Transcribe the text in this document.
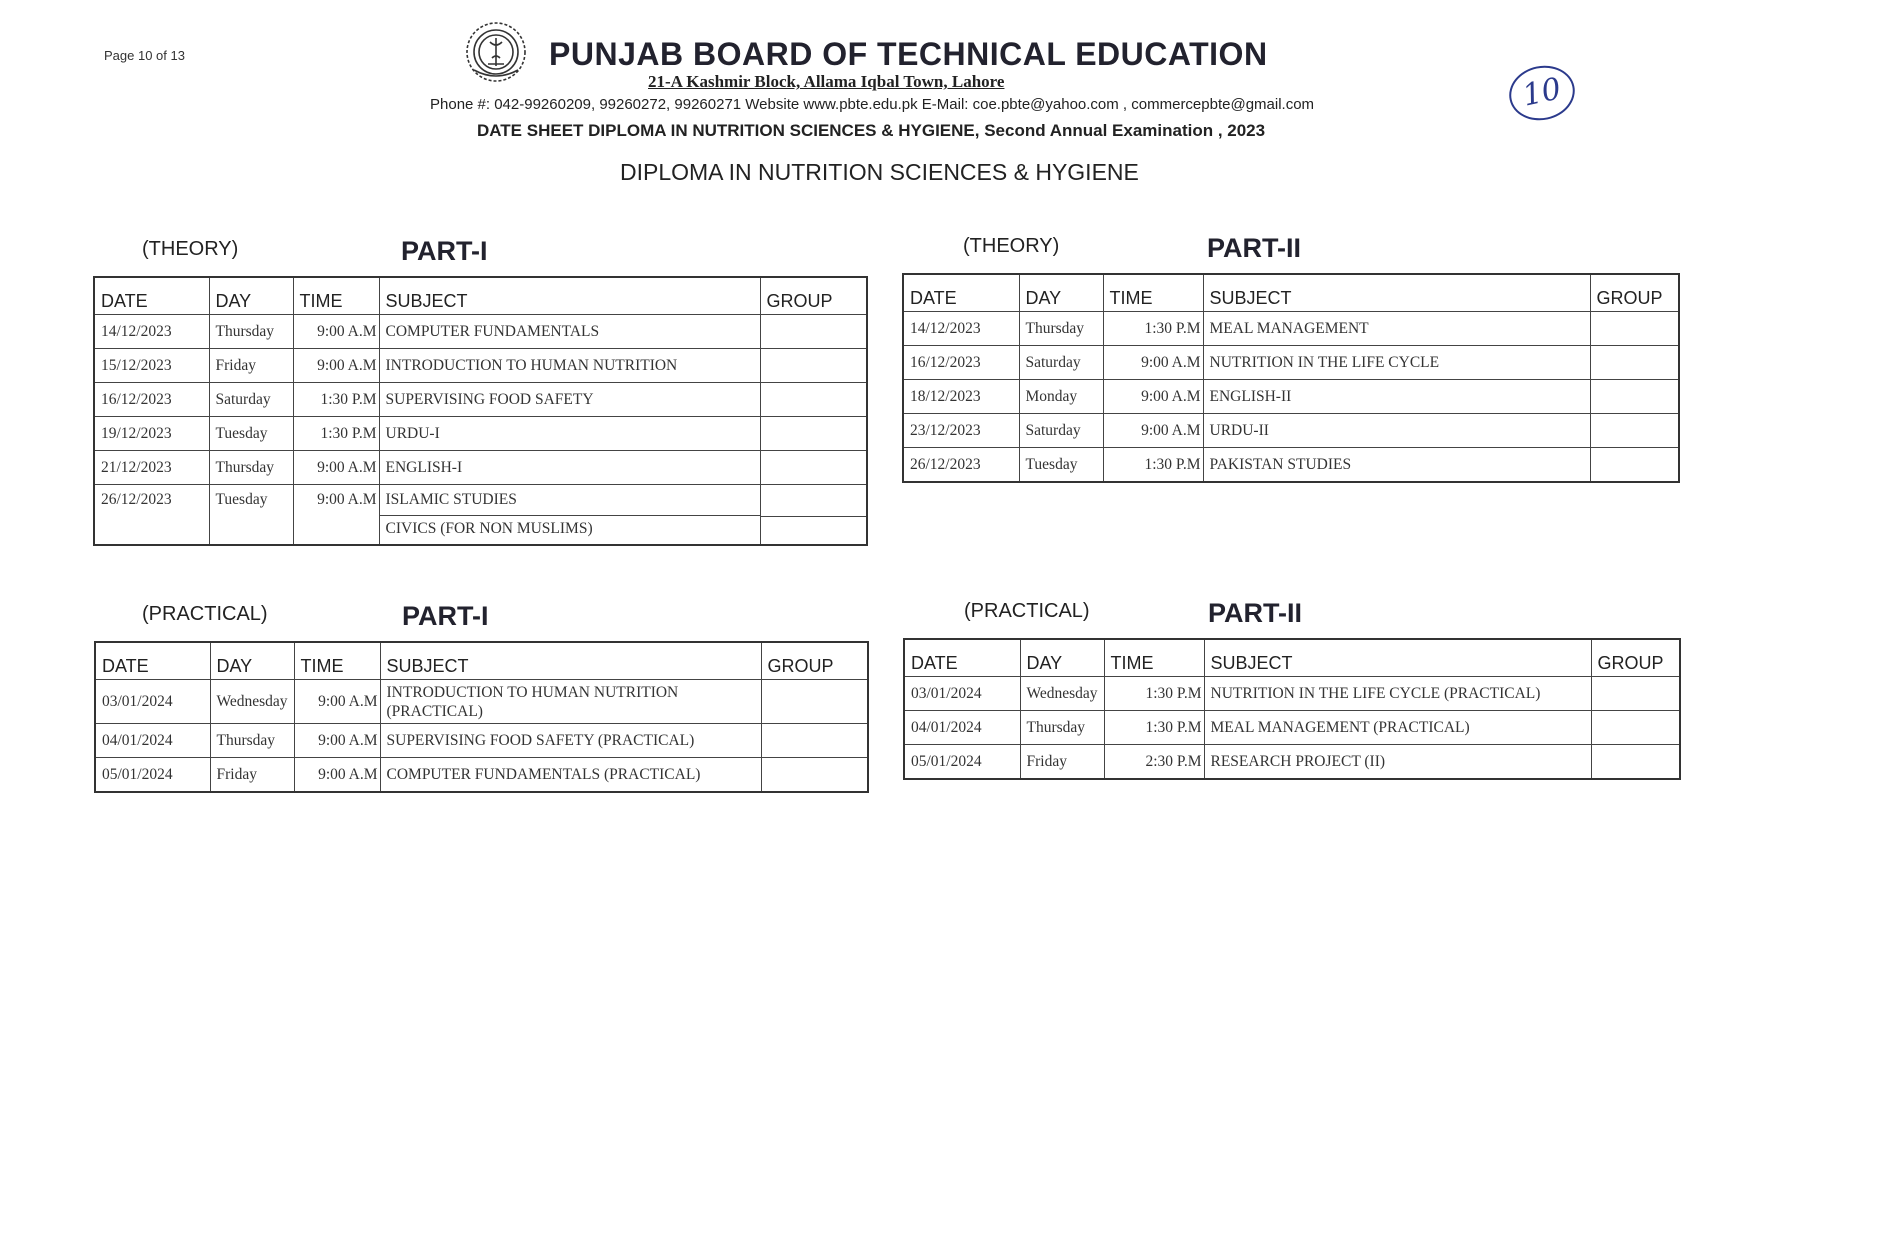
Page 10 of 13	PUNJAB BOARD OF TECHNICAL EDUCATION
21-A Kashmir Block, Allama Iqbal Town, Lahore
Phone #: 042-99260209, 99260272, 99260271 Website www.pbte.edu.pk E-Mail: coe.pbte@yahoo.com , commercepbte@gmail.com
DATE SHEET DIPLOMA IN NUTRITION SCIENCES & HYGIENE, Second Annual Examination , 2023
DIPLOMA IN NUTRITION SCIENCES & HYGIENE
10
(THEORY)	PART-I
DATE	DAY	TIME	SUBJECT	GROUP
14/12/2023	Thursday	9:00 A.M	COMPUTER FUNDAMENTALS	
15/12/2023	Friday	9:00 A.M	INTRODUCTION TO HUMAN NUTRITION	
16/12/2023	Saturday	1:30 P.M	SUPERVISING FOOD SAFETY	
19/12/2023	Tuesday	1:30 P.M	URDU-I	
21/12/2023	Thursday	9:00 A.M	ENGLISH-I	
26/12/2023	Tuesday	9:00 A.M	ISLAMIC STUDIES
CIVICS (FOR NON MUSLIMS)	

(THEORY)	PART-II
DATE	DAY	TIME	SUBJECT	GROUP
14/12/2023	Thursday	1:30 P.M	MEAL MANAGEMENT	
16/12/2023	Saturday	9:00 A.M	NUTRITION IN THE LIFE CYCLE	
18/12/2023	Monday	9:00 A.M	ENGLISH-II	
23/12/2023	Saturday	9:00 A.M	URDU-II	
26/12/2023	Tuesday	1:30 P.M	PAKISTAN STUDIES	
(PRACTICAL)	PART-I
DATE	DAY	TIME	SUBJECT	GROUP
03/01/2024	Wednesday	9:00 A.M	INTRODUCTION TO HUMAN NUTRITION
(PRACTICAL)	

04/01/2024	Thursday	9:00 A.M	SUPERVISING FOOD SAFETY (PRACTICAL)	
05/01/2024	Friday	9:00 A.M	COMPUTER FUNDAMENTALS (PRACTICAL)	
(PRACTICAL)	PART-II
DATE	DAY	TIME	SUBJECT	GROUP
03/01/2024	Wednesday	1:30 P.M	NUTRITION IN THE LIFE CYCLE (PRACTICAL)	
04/01/2024	Thursday	1:30 P.M	MEAL MANAGEMENT (PRACTICAL)	
05/01/2024	Friday	2:30 P.M	RESEARCH PROJECT (II)	
